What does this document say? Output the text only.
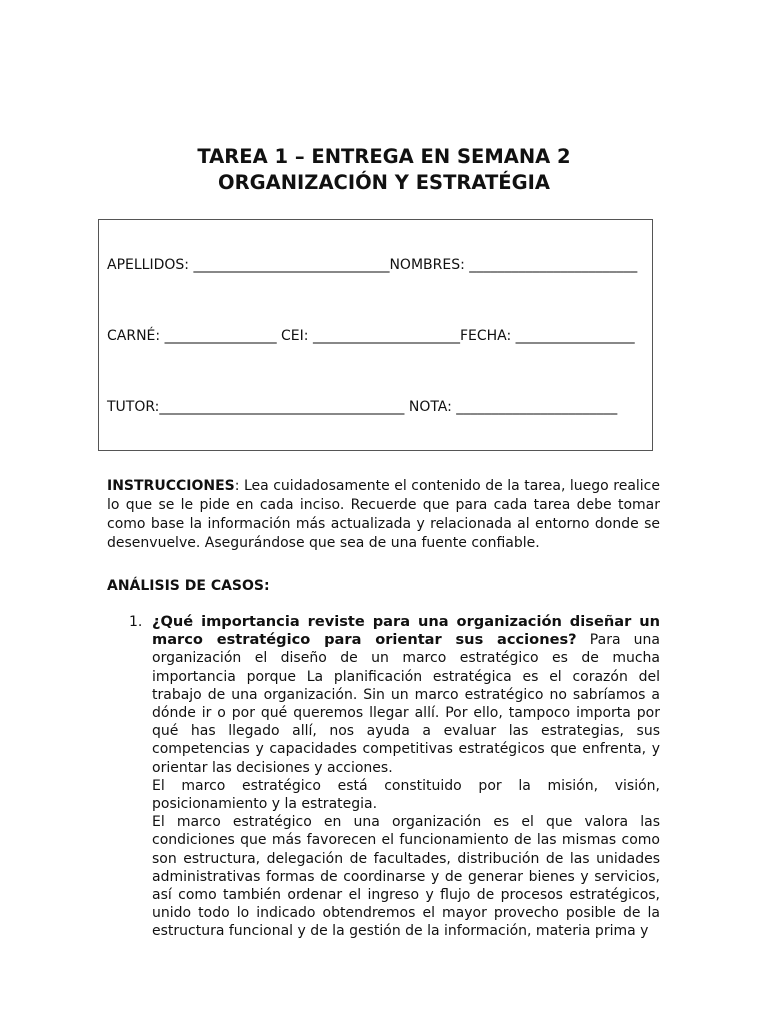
TAREA 1 – ENTREGA EN SEMANA 2
ORGANIZACIÓN Y ESTRATÉGIA

APELLIDOS: ____________________________NOMBRES: ________________________

CARNÉ: ________________ CEI: _____________________FECHA: _________________

TUTOR:___________________________________ NOTA: _______________________

INSTRUCCIONES: Lea cuidadosamente el contenido de la tarea, luego realice lo que se le pide en cada inciso. Recuerde que para cada tarea debe tomar como base la información más actualizada y relacionada al entorno donde se desenvuelve. Asegurándose que sea de una fuente confiable.

ANÁLISIS DE CASOS:

1. ¿Qué importancia reviste para una organización diseñar un marco estratégico para orientar sus acciones? Para una organización el diseño de un marco estratégico es de mucha importancia porque La planificación estratégica es el corazón del trabajo de una organización. Sin un marco estratégico no sabríamos a dónde ir o por qué queremos llegar allí. Por ello, tampoco importa por qué has llegado allí, nos ayuda a evaluar las estrategias, sus competencias y capacidades competitivas estratégicos que enfrenta, y orientar las decisiones y acciones.

El marco estratégico está constituido por la misión, visión, posicionamiento y la estrategia.

El marco estratégico en una organización es el que valora las condiciones que más favorecen el funcionamiento de las mismas como son estructura, delegación de facultades, distribución de las unidades administrativas formas de coordinarse y de generar bienes y servicios, así como también ordenar el ingreso y flujo de procesos estratégicos, unido todo lo indicado obtendremos el mayor provecho posible de la estructura funcional y de la gestión de la información, materia prima y
